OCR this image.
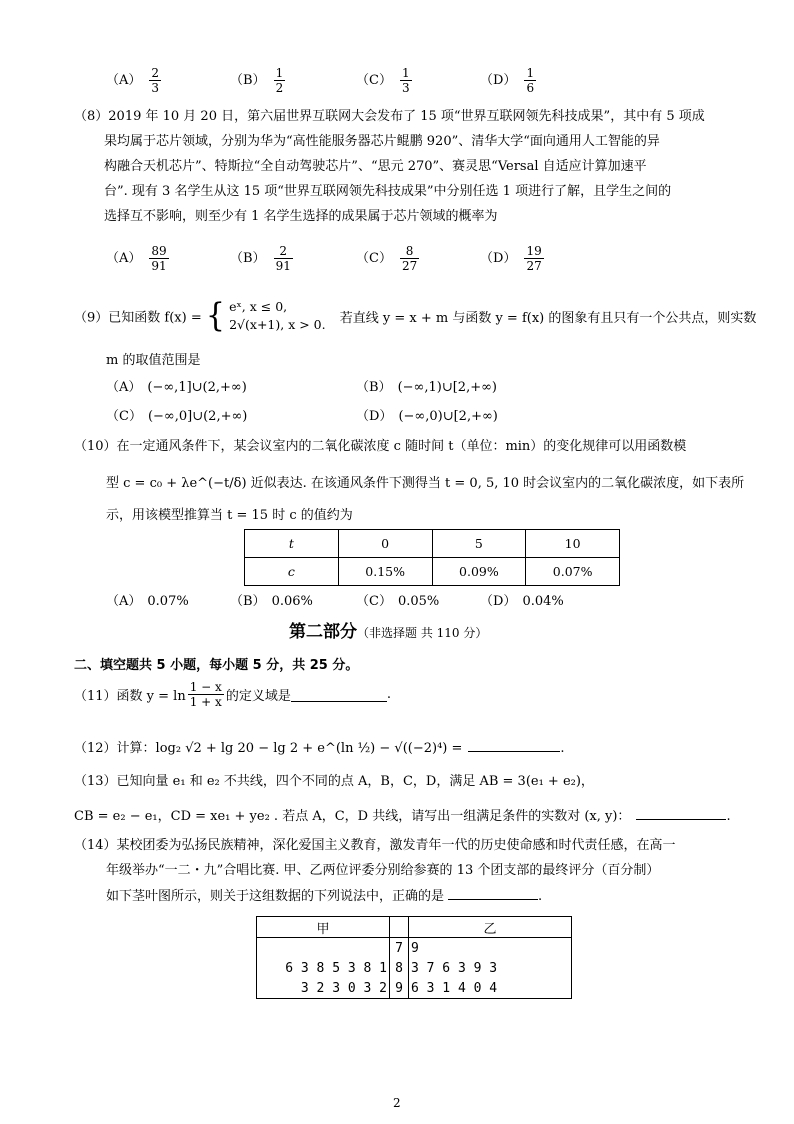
$(A) \frac{2}{3}$	$(B) \frac{1}{2}$	$(C) \frac{1}{3}$	$(D) \frac{1}{6}$
（8）2019 年 10 月 20 日，第六届世界互联网大会发布了 15 项“世界互联网领先科技成果”，其中有 5 项成
果均属于芯片领域，分别为华为“高性能服务器芯片鲲鹏 920”、清华大学“面向通用人工智能的异
构融合天机芯片”、特斯拉“全自动驾驶芯片”、“思元 270”、赛灵思“Versal 自适应计算加速平
台”. 现有 3 名学生从这 15 项“世界互联网领先科技成果”中分别任选 1 项进行了解，且学生之间的
选择互不影响，则至少有 1 名学生选择的成果属于芯片领域的概率为
$(A) \frac{89}{91}$	$(B) \frac{2}{91}$	$(C) \frac{8}{27}$	$(D) \frac{19}{27}$
（9）已知函数 f(x) = { eˣ, x ≤ 0,
2√(x+1), x > 0. 若直线 y = x + m 与函数 y = f(x) 的图象有且只有一个公共点，则实数
m 的取值范围是
（A） (−∞,1]∪(2,+∞)	（B） (−∞,1)∪[2,+∞)
（C） (−∞,0]∪(2,+∞)	（D） (−∞,0)∪[2,+∞)
（10）在一定通风条件下，某会议室内的二氧化碳浓度 c 随时间 t（单位：min）的变化规律可以用函数模
型 c = c₀ + λe^(−t/δ) 近似表达. 在该通风条件下测得当 t = 0, 5, 10 时会议室内的二氧化碳浓度，如下表所
示，用该模型推算当 t = 15 时 c 的值约为
t	0	5	10
c	0.15%	0.09%	0.07%
（A） 0.07%	（B） 0.06%	（C） 0.05%	（D） 0.04%
第二部分（非选择题 共 110 分）
二、填空题共 5 小题，每小题 5 分，共 25 分。
（11）函数 $y = \ln \frac{1 - x}{1 + x}$ 的定义域是	.
（12）计算：log₂ √2 + lg 20 − lg 2 + e^(ln ½) − √((−2)⁴) =	.
（13）已知向量 e₁ 和 e₂ 不共线，四个不同的点 A，B，C，D，满足 AB = 3(e₁ + e₂)，
CB = e₂ − e₁，CD = xe₁ + ye₂ . 若点 A，C，D 共线，请写出一组满足条件的实数对 (x, y)：	.
（14）某校团委为弘扬民族精神，深化爱国主义教育，激发青年一代的历史使命感和时代责任感，在高一
年级举办“一二・九”合唱比赛. 甲、乙两位评委分别给参赛的 13 个团支部的最终评分（百分制）
如下茎叶图所示，则关于这组数据的下列说法中，正确的是	.
甲		乙
	7	9
6 3 8 5 3 8 1	8	3 7 6 3 9 3
3 2 3 0 3 2	9	6 3 1 4 0 4
2
